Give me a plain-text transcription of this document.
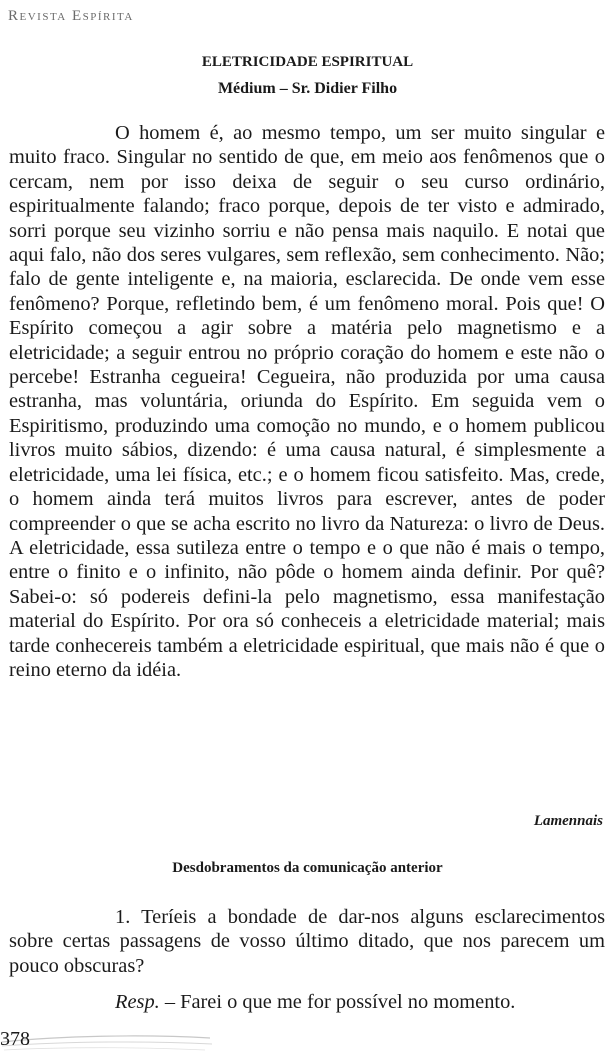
Revista Espírita
ELETRICIDADE ESPIRITUAL
Médium – Sr. Didier Filho

O homem é, ao mesmo tempo, um ser muito singular e muito fraco. Singular no sentido de que, em meio aos fenômenos que o cercam, nem por isso deixa de seguir o seu curso ordinário, espiritualmente falando; fraco porque, depois de ter visto e admirado, sorri porque seu vizinho sorriu e não pensa mais naquilo. E notai que aqui falo, não dos seres vulgares, sem reflexão, sem conhecimento. Não; falo de gente inteligente e, na maioria, esclarecida. De onde vem esse fenômeno? Porque, refletindo bem, é um fenômeno moral. Pois que! O Espírito começou a agir sobre a matéria pelo magnetismo e a eletricidade; a seguir entrou no próprio coração do homem e este não o percebe! Estranha cegueira! Cegueira, não produzida por uma causa estranha, mas voluntária, oriunda do Espírito. Em seguida vem o Espiritismo, produzindo uma comoção no mundo, e o homem publicou livros muito sábios, dizendo: é uma causa natural, é simplesmente a eletricidade, uma lei física, etc.; e o homem ficou satisfeito. Mas, crede, o homem ainda terá muitos livros para escrever, antes de poder compreender o que se acha escrito no livro da Natureza: o livro de Deus. A eletricidade, essa sutileza entre o tempo e o que não é mais o tempo, entre o finito e o infinito, não pôde o homem ainda definir. Por quê? Sabei-o: só podereis defini-la pelo magnetismo, essa manifestação material do Espírito. Por ora só conheceis a eletricidade material; mais tarde conhecereis também a eletricidade espiritual, que mais não é que o reino eterno da idéia.

Lamennais
Desdobramentos da comunicação anterior

1. Teríeis a bondade de dar-nos alguns esclarecimentos sobre certas passagens de vosso último ditado, que nos parecem um pouco obscuras?

Resp. – Farei o que me for possível no momento.

378
